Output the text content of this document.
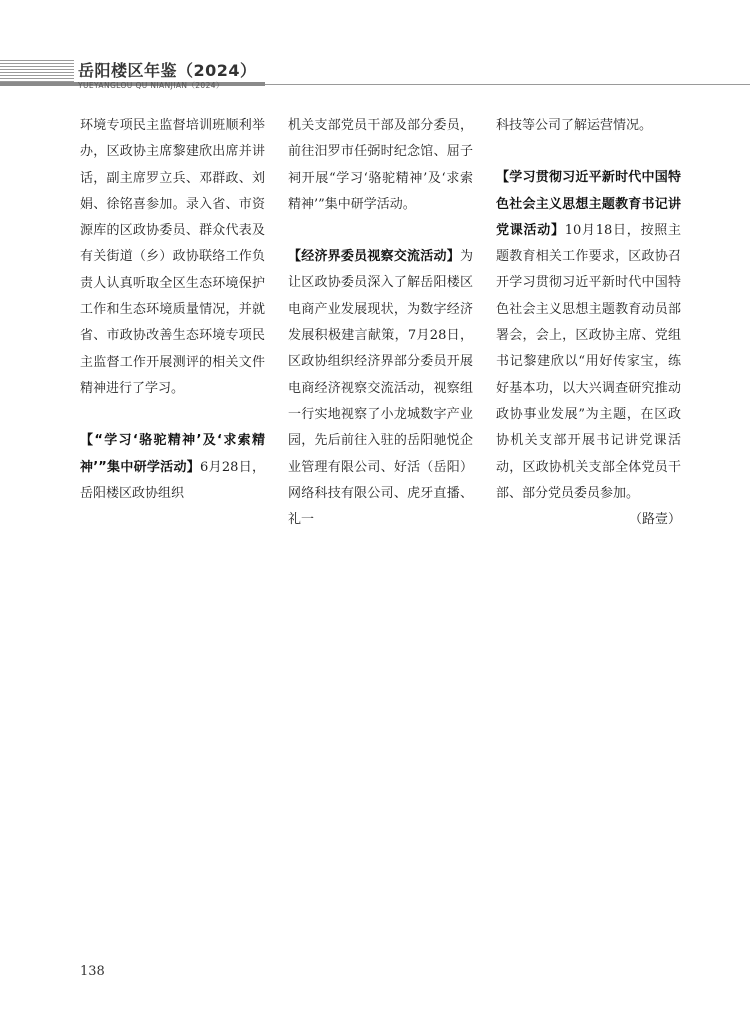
岳阳楼区年鉴（2024）
YUEYANGLOU QU NIANJIAN（2024）

环境专项民主监督培训班顺利举办，区政协主席黎建欣出席并讲话，副主席罗立兵、邓群政、刘娟、徐铭喜参加。录入省、市资源库的区政协委员、群众代表及有关街道（乡）政协联络工作负责人认真听取全区生态环境保护工作和生态环境质量情况，并就省、市政协改善生态环境专项民主监督工作开展测评的相关文件精神进行了学习。

【“学习‘骆驼精神’及‘求索精神’”集中研学活动】6月28日，岳阳楼区政协组织

机关支部党员干部及部分委员，前往汨罗市任弼时纪念馆、屈子祠开展“学习‘骆驼精神’及‘求索精神’”集中研学活动。

【经济界委员视察交流活动】为让区政协委员深入了解岳阳楼区电商产业发展现状，为数字经济发展积极建言献策，7月28日，区政协组织经济界部分委员开展电商经济视察交流活动，视察组一行实地视察了小龙城数字产业园，先后前往入驻的岳阳驰悦企业管理有限公司、好活（岳阳）网络科技有限公司、虎牙直播、礼一

科技等公司了解运营情况。

【学习贯彻习近平新时代中国特色社会主义思想主题教育书记讲党课活动】10月18日，按照主题教育相关工作要求，区政协召开学习贯彻习近平新时代中国特色社会主义思想主题教育动员部署会，会上，区政协主席、党组书记黎建欣以“用好传家宝，练好基本功，以大兴调查研究推动政协事业发展”为主题，在区政协机关支部开展书记讲党课活动，区政协机关支部全体党员干部、部分党员委员参加。

（路壹）

138
